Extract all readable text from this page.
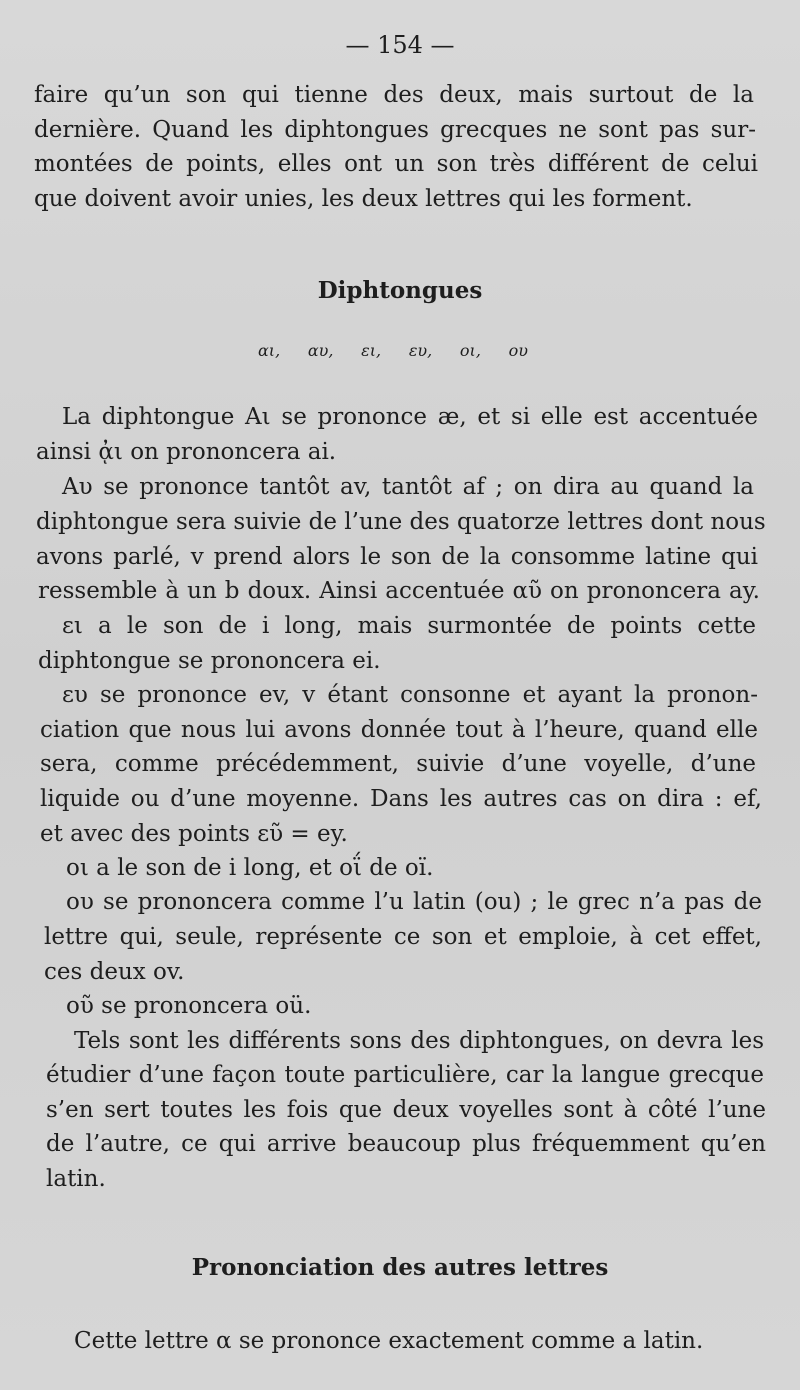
— 154 —
faire qu’un son qui tienne des deux, mais surtout de la
dernière. Quand les diphtongues grecques ne sont pas sur-
montées de points, elles ont un son très différent de celui
que doivent avoir unies, les deux lettres qui les forment.
Diphtongues
αι, αυ, ει, ευ, οι, ου
La diphtongue Αι se prononce æ, et si elle est accentuée
ainsi ᾀι on prononcera ai.
Αυ se prononce tantôt av, tantôt af ; on dira au quand la
diphtongue sera suivie de l’une des quatorze lettres dont nous
avons parlé, v prend alors le son de la consomme latine qui
ressemble à un b doux. Ainsi accentuée αῦ on prononcera ay.
ει a le son de i long, mais surmontée de points cette
diphtongue se prononcera ei.
ευ se prononce ev, v étant consonne et ayant la pronon-
ciation que nous lui avons donnée tout à l’heure, quand elle
sera, comme précédemment, suivie d’une voyelle, d’une
liquide ou d’une moyenne. Dans les autres cas on dira : ef,
et avec des points εῦ = ey.
οι a le son de i long, et οΐ de oï.
ου se prononcera comme l’u latin (ou) ; le grec n’a pas de
lettre qui, seule, représente ce son et emploie, à cet effet,
ces deux ov.
οῦ se prononcera oü.
Tels sont les différents sons des diphtongues, on devra les
étudier d’une façon toute particulière, car la langue grecque
s’en sert toutes les fois que deux voyelles sont à côté l’une
de l’autre, ce qui arrive beaucoup plus fréquemment qu’en
latin.
Prononciation des autres lettres
Cette lettre α se prononce exactement comme a latin.
